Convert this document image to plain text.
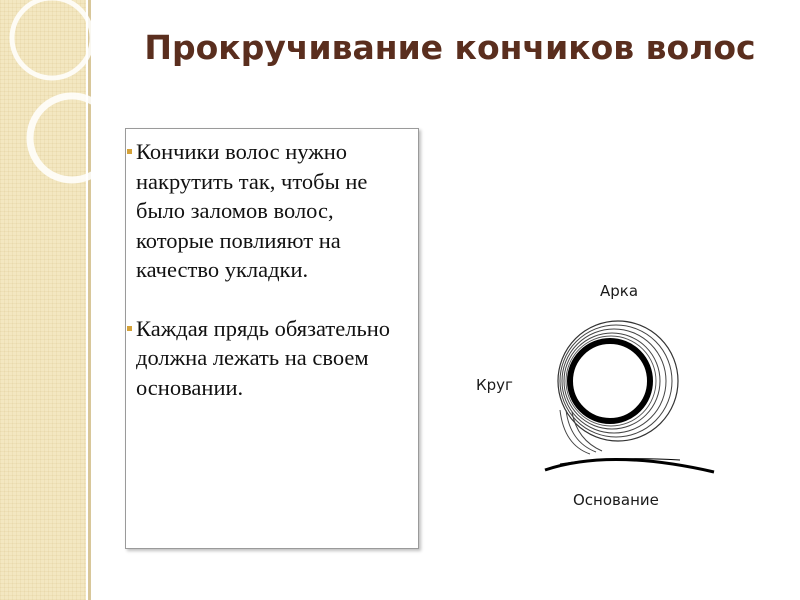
Прокручивание кончиков волос

Кончики волос нужно накрутить так, чтобы не было заломов волос, которые повлияют на качество укладки.

Каждая прядь обязательно должна лежать на своем основании.

Арка
Круг
Основание
